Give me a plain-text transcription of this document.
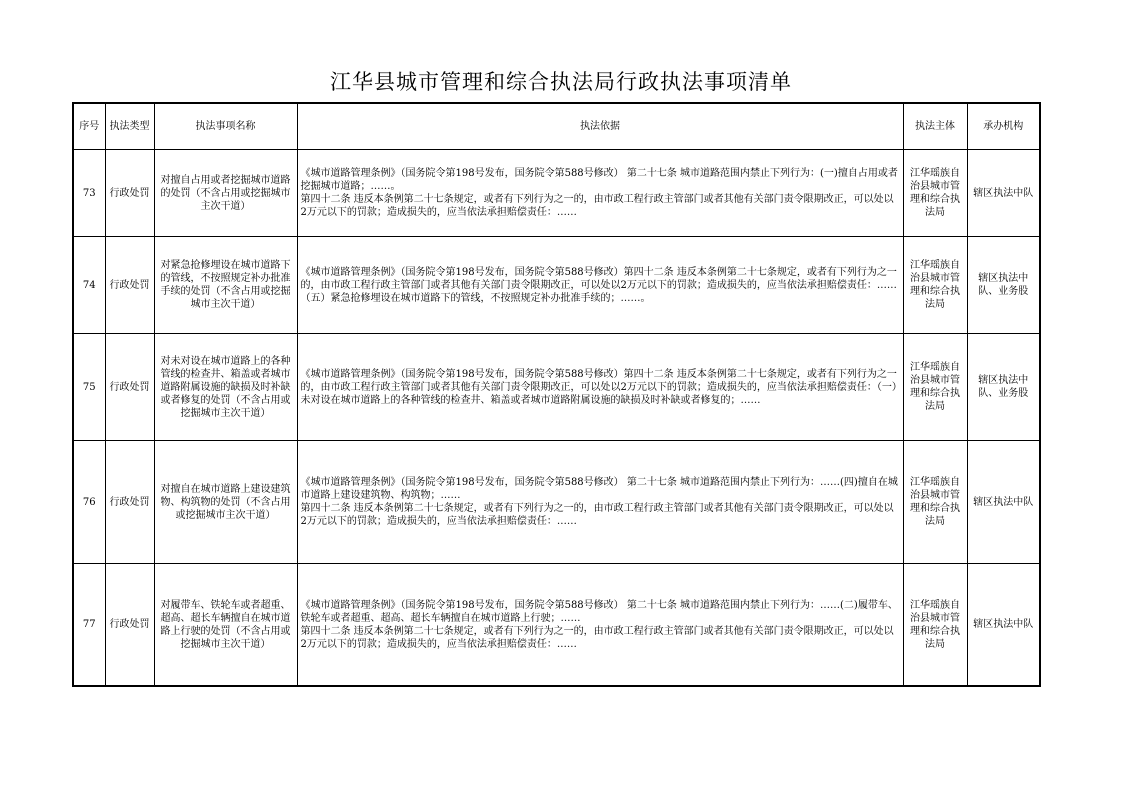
江华县城市管理和综合执法局行政执法事项清单
序号	执法类型	执法事项名称	执法依据	执法主体	承办机构
73	行政处罚	对擅自占用或者挖掘城市道路的处罚（不含占用或挖掘城市主次干道）	《城市道路管理条例》（国务院令第198号发布，国务院令第588号修改） 第二十七条 城市道路范围内禁止下列行为：(一)擅自占用或者挖掘城市道路；……。
第四十二条 违反本条例第二十七条规定，或者有下列行为之一的，由市政工程行政主管部门或者其他有关部门责令限期改正，可以处以2万元以下的罚款；造成损失的，应当依法承担赔偿责任：……	江华瑶族自治县城市管理和综合执法局	辖区执法中队
74	行政处罚	对紧急抢修埋设在城市道路下的管线，不按照规定补办批准手续的处罚（不含占用或挖掘城市主次干道）	《城市道路管理条例》（国务院令第198号发布，国务院令第588号修改）第四十二条 违反本条例第二十七条规定，或者有下列行为之一的，由市政工程行政主管部门或者其他有关部门责令限期改正，可以处以2万元以下的罚款；造成损失的，应当依法承担赔偿责任：……（五）紧急抢修埋设在城市道路下的管线，不按照规定补办批准手续的；……。	江华瑶族自治县城市管理和综合执法局	辖区执法中队、业务股
75	行政处罚	对未对设在城市道路上的各种管线的检查井、箱盖或者城市道路附属设施的缺损及时补缺或者修复的处罚（不含占用或挖掘城市主次干道）	《城市道路管理条例》（国务院令第198号发布，国务院令第588号修改）第四十二条 违反本条例第二十七条规定，或者有下列行为之一的，由市政工程行政主管部门或者其他有关部门责令限期改正，可以处以2万元以下的罚款；造成损失的，应当依法承担赔偿责任：（一）未对设在城市道路上的各种管线的检查井、箱盖或者城市道路附属设施的缺损及时补缺或者修复的；……	江华瑶族自治县城市管理和综合执法局	辖区执法中队、业务股
76	行政处罚	对擅自在城市道路上建设建筑物、构筑物的处罚（不含占用或挖掘城市主次干道）	《城市道路管理条例》（国务院令第198号发布，国务院令第588号修改） 第二十七条 城市道路范围内禁止下列行为：……(四)擅自在城市道路上建设建筑物、构筑物；……
第四十二条 违反本条例第二十七条规定，或者有下列行为之一的，由市政工程行政主管部门或者其他有关部门责令限期改正，可以处以2万元以下的罚款；造成损失的，应当依法承担赔偿责任：……	江华瑶族自治县城市管理和综合执法局	辖区执法中队
77	行政处罚	对履带车、铁轮车或者超重、超高、超长车辆擅自在城市道路上行驶的处罚（不含占用或挖掘城市主次干道）	《城市道路管理条例》（国务院令第198号发布，国务院令第588号修改） 第二十七条 城市道路范围内禁止下列行为：……(二)履带车、铁轮车或者超重、超高、超长车辆擅自在城市道路上行驶；……
第四十二条 违反本条例第二十七条规定，或者有下列行为之一的，由市政工程行政主管部门或者其他有关部门责令限期改正，可以处以2万元以下的罚款；造成损失的，应当依法承担赔偿责任：……	江华瑶族自治县城市管理和综合执法局	辖区执法中队
